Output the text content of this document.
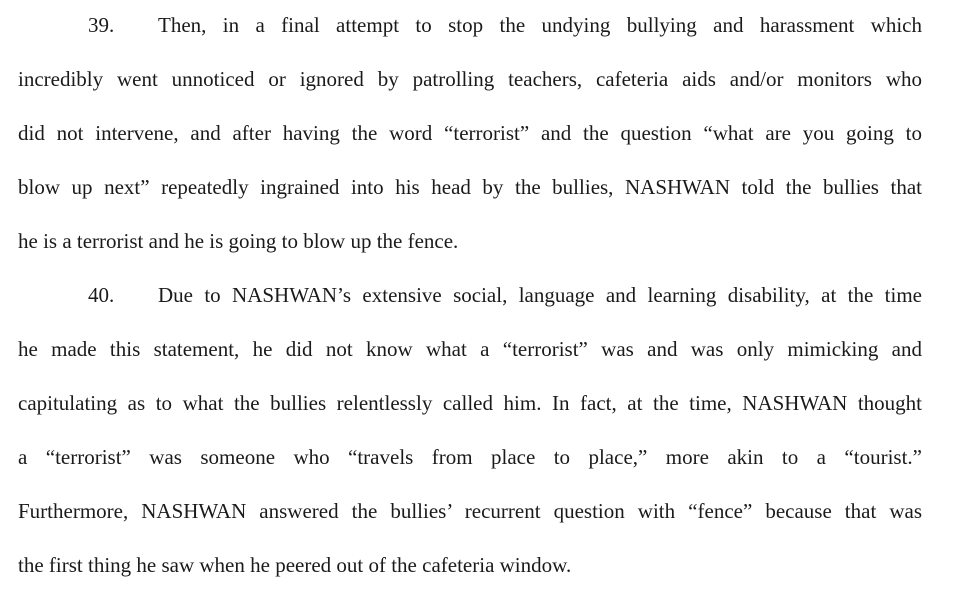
39. Then, in a final attempt to stop the undying bullying and harassment which
incredibly went unnoticed or ignored by patrolling teachers, cafeteria aids and/or monitors who
did not intervene, and after having the word “terrorist” and the question “what are you going to
blow up next” repeatedly ingrained into his head by the bullies, NASHWAN told the bullies that
he is a terrorist and he is going to blow up the fence.
40. Due to NASHWAN’s extensive social, language and learning disability, at the time
he made this statement, he did not know what a “terrorist” was and was only mimicking and
capitulating as to what the bullies relentlessly called him. In fact, at the time, NASHWAN thought
a “terrorist” was someone who “travels from place to place,” more akin to a “tourist.”
Furthermore, NASHWAN answered the bullies’ recurrent question with “fence” because that was
the first thing he saw when he peered out of the cafeteria window.
